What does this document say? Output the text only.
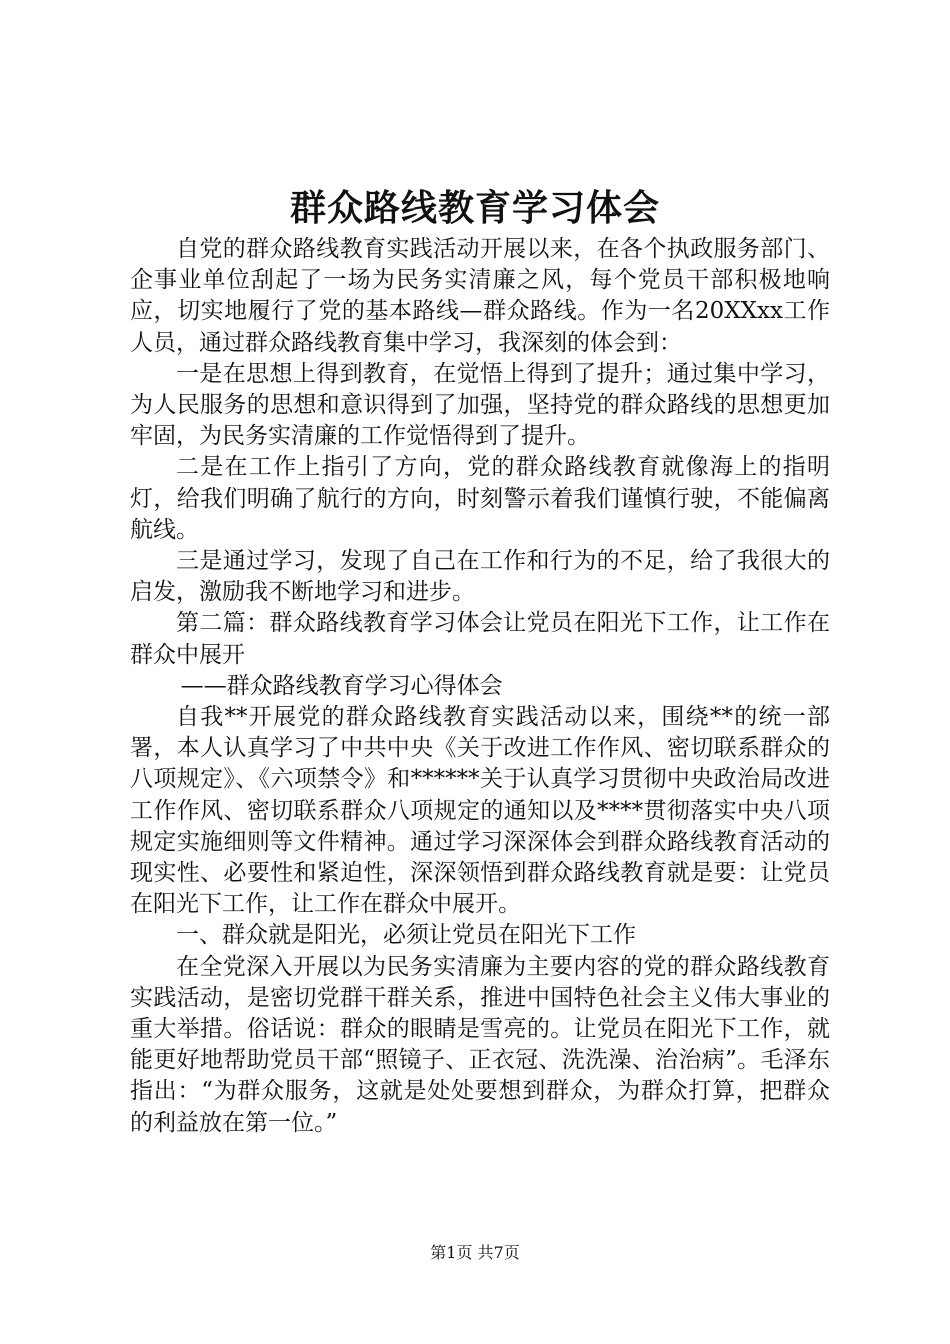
群众路线教育学习体会

自党的群众路线教育实践活动开展以来，在各个执政服务部门、企事业单位刮起了一场为民务实清廉之风，每个党员干部积极地响应，切实地履行了党的基本路线—群众路线。作为一名20XXxx工作人员，通过群众路线教育集中学习，我深刻的体会到：

一是在思想上得到教育，在觉悟上得到了提升；通过集中学习，为人民服务的思想和意识得到了加强，坚持党的群众路线的思想更加牢固，为民务实清廉的工作觉悟得到了提升。

二是在工作上指引了方向，党的群众路线教育就像海上的指明灯，给我们明确了航行的方向，时刻警示着我们谨慎行驶，不能偏离航线。

三是通过学习，发现了自己在工作和行为的不足，给了我很大的启发，激励我不断地学习和进步。

第二篇：群众路线教育学习体会让党员在阳光下工作，让工作在群众中展开

——群众路线教育学习心得体会

自我**开展党的群众路线教育实践活动以来，围绕**的统一部署，本人认真学习了中共中央《关于改进工作作风、密切联系群众的八项规定》、《六项禁令》和******关于认真学习贯彻中央政治局改进工作作风、密切联系群众八项规定的通知以及****贯彻落实中央八项规定实施细则等文件精神。通过学习深深体会到群众路线教育活动的现实性、必要性和紧迫性，深深领悟到群众路线教育就是要：让党员在阳光下工作，让工作在群众中展开。

一、群众就是阳光，必须让党员在阳光下工作

在全党深入开展以为民务实清廉为主要内容的党的群众路线教育实践活动，是密切党群干群关系，推进中国特色社会主义伟大事业的重大举措。俗话说：群众的眼睛是雪亮的。让党员在阳光下工作，就能更好地帮助党员干部“照镜子、正衣冠、洗洗澡、治治病”。毛泽东指出：“为群众服务，这就是处处要想到群众，为群众打算，把群众的利益放在第一位。”

第1页 共7页
